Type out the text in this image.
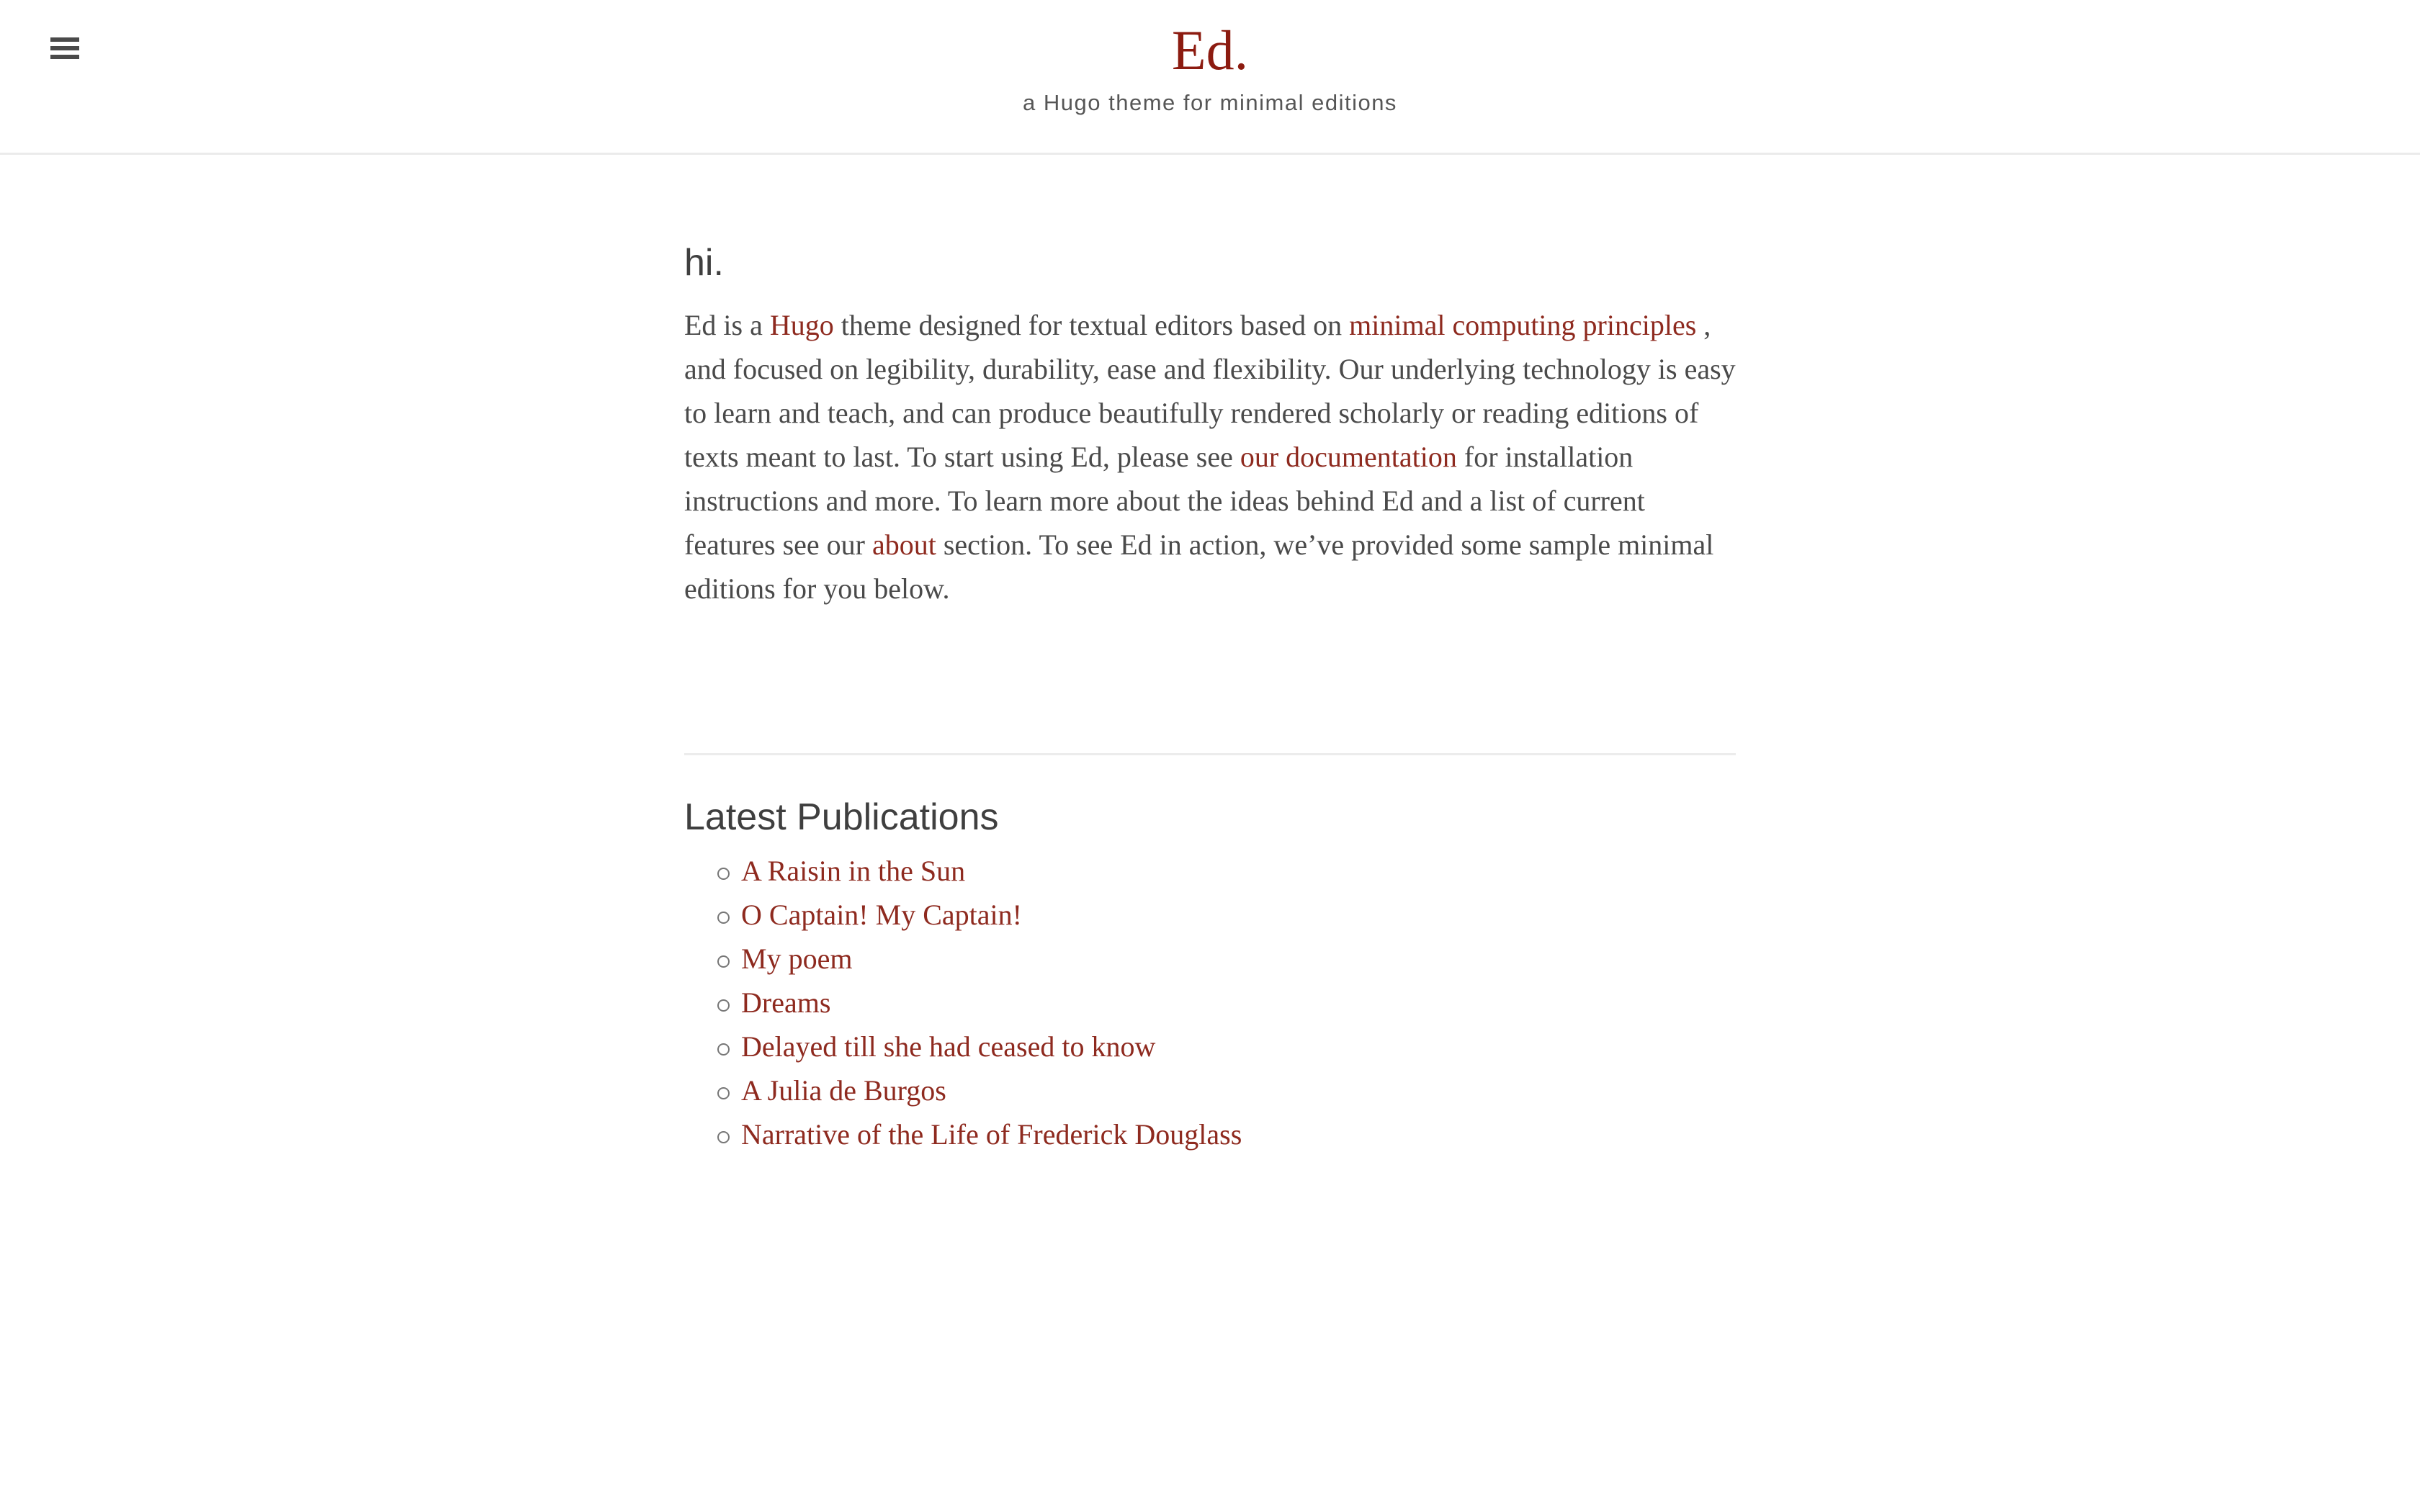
Ed.
a Hugo theme for minimal editions
hi.

Ed is a Hugo theme designed for textual editors based on minimal computing principles , and focused on legibility, durability, ease and flexibility. Our underlying technology is easy to learn and teach, and can produce beautifully rendered scholarly or reading editions of texts meant to last. To start using Ed, please see our documentation for installation instructions and more. To learn more about the ideas behind Ed and a list of current features see our about section. To see Ed in action, we’ve provided some sample minimal editions for you below.

Latest Publications
A Raisin in the Sun
O Captain! My Captain!
My poem
Dreams
Delayed till she had ceased to know
A Julia de Burgos
Narrative of the Life of Frederick Douglass
